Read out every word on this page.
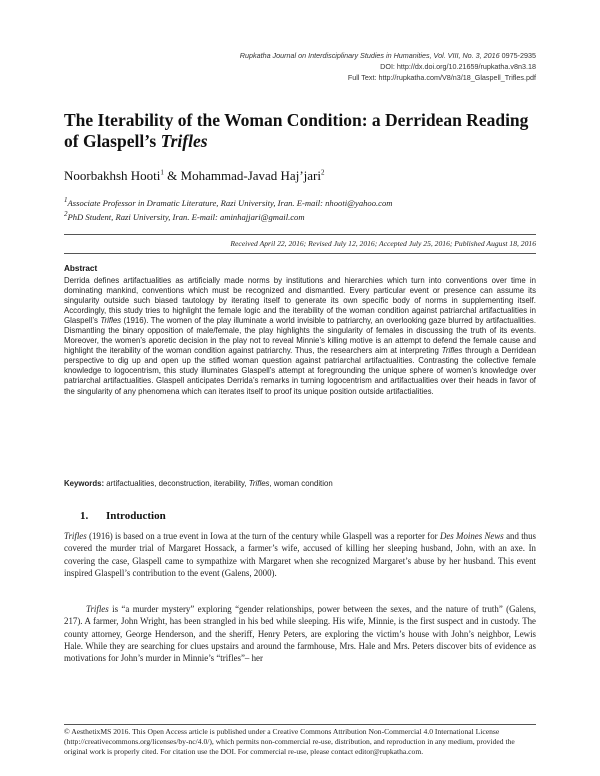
Rupkatha Journal on Interdisciplinary Studies in Humanities, Vol. VIII, No. 3, 2016 0975-2935
DOI: http://dx.doi.org/10.21659/rupkatha.v8n3.18
Full Text: http://rupkatha.com/V8/n3/18_Glaspell_Trifles.pdf
The Iterability of the Woman Condition: a Derridean Reading of Glaspell’s Trifles
Noorbakhsh Hooti$^1$ & Mohammad-Javad Haj’jari$^2$
$^1$Associate Professor in Dramatic Literature, Razi University, Iran. E-mail: nhooti@yahoo.com
$^2$PhD Student, Razi University, Iran. E-mail: aminhajjari@gmail.com
Received April 22, 2016; Revised July 12, 2016; Accepted July 25, 2016; Published August 18, 2016
Abstract

Derrida defines artifactualities as artificially made norms by institutions and hierarchies which turn into conventions over time in dominating mankind, conventions which must be recognized and dismantled. Every particular event or presence can assume its singularity outside such biased tautology by iterating itself to generate its own specific body of norms in supplementing itself. Accordingly, this study tries to highlight the female logic and the iterability of the woman condition against patriarchal artifactualities in Glaspell’s Trifles (1916). The women of the play illuminate a world invisible to patriarchy, an overlooking gaze blurred by artifactualities. Dismantling the binary opposition of male/female, the play highlights the singularity of females in discussing the truth of its events. Moreover, the women’s aporetic decision in the play not to reveal Minnie’s killing motive is an attempt to defend the female cause and highlight the iterability of the woman condition against patriarchy. Thus, the researchers aim at interpreting Trifles through a Derridean perspective to dig up and open up the stifled woman question against patriarchal artifactualities. Contrasting the collective female knowledge to logocentrism, this study illuminates Glaspell’s attempt at foregrounding the unique sphere of women’s knowledge over patriarchal artifactualities. Glaspell anticipates Derrida’s remarks in turning logocentrism and artifactualities over their heads in favor of the singularity of any phenomena which can iterates itself to proof its unique position outside artifactialities.

Keywords: artifactualities, deconstruction, iterability, Trifles, woman condition
1. Introduction

Trifles (1916) is based on a true event in Iowa at the turn of the century while Glaspell was a reporter for Des Moines News and thus covered the murder trial of Margaret Hossack, a farmer’s wife, accused of killing her sleeping husband, John, with an axe. In covering the case, Glaspell came to sympathize with Margaret when she recognized Margaret’s abuse by her husband. This event inspired Glaspell’s contribution to the event (Galens, 2000).

Trifles is “a murder mystery” exploring “gender relationships, power between the sexes, and the nature of truth” (Galens, 217). A farmer, John Wright, has been strangled in his bed while sleeping. His wife, Minnie, is the first suspect and in custody. The county attorney, George Henderson, and the sheriff, Henry Peters, are exploring the victim’s house with John’s neighbor, Lewis Hale. While they are searching for clues upstairs and around the farmhouse, Mrs. Hale and Mrs. Peters discover bits of evidence as motivations for John’s murder in Minnie’s “trifles”– her

© AesthetixMS 2016. This Open Access article is published under a Creative Commons Attribution Non-Commercial 4.0 International License (http://creativecommons.org/licenses/by-nc/4.0/), which permits non-commercial re-use, distribution, and reproduction in any medium, provided the original work is properly cited. For citation use the DOI. For commercial re-use, please contact editor@rupkatha.com.
